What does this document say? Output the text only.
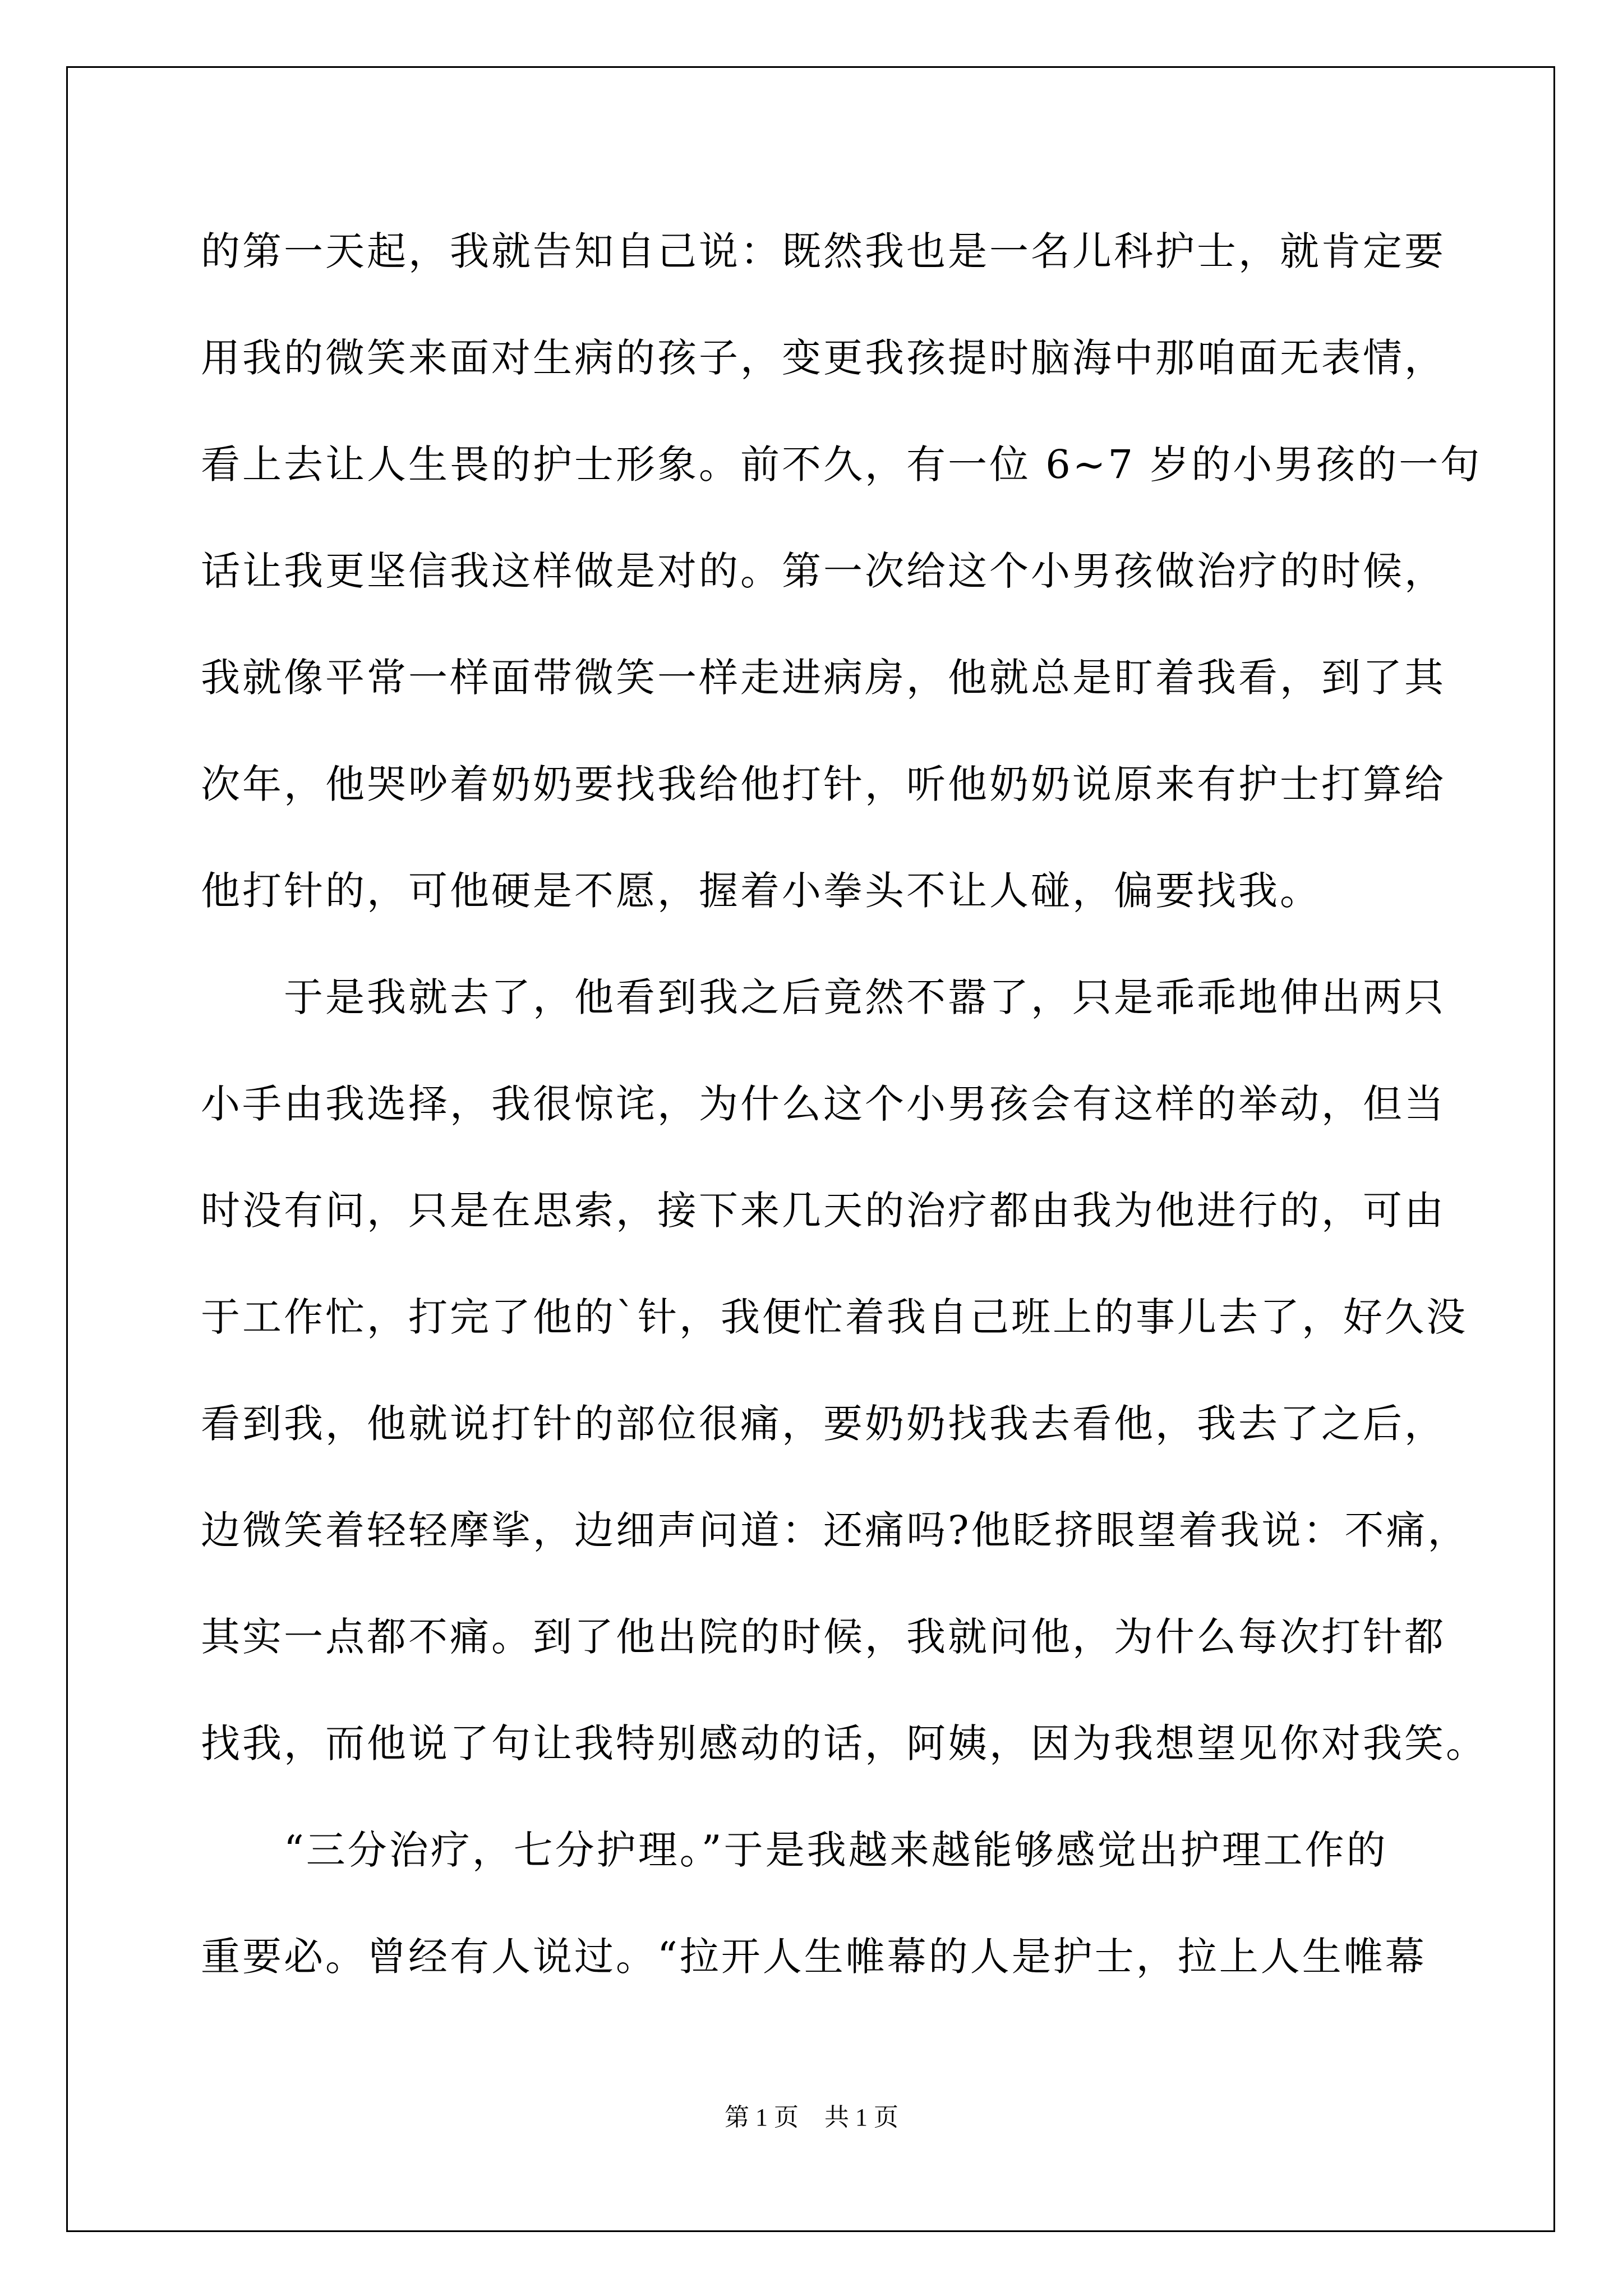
的第一天起，我就告知自己说：既然我也是一名儿科护士，就肯定要
用我的微笑来面对生病的孩子，变更我孩提时脑海中那咱面无表情，
看上去让人生畏的护士形象。前不久，有一位 6~7 岁的小男孩的一句
话让我更坚信我这样做是对的。第一次给这个小男孩做治疗的时候，
我就像平常一样面带微笑一样走进病房，他就总是盯着我看，到了其
次年，他哭吵着奶奶要找我给他打针，听他奶奶说原来有护士打算给
他打针的，可他硬是不愿，握着小拳头不让人碰，偏要找我。
　　于是我就去了，他看到我之后竟然不嚣了，只是乖乖地伸出两只
小手由我选择，我很惊诧，为什么这个小男孩会有这样的举动，但当
时没有问，只是在思索，接下来几天的治疗都由我为他进行的，可由
于工作忙，打完了他的`针，我便忙着我自己班上的事儿去了，好久没
看到我，他就说打针的部位很痛，要奶奶找我去看他，我去了之后，
边微笑着轻轻摩挲，边细声问道：还痛吗?他眨挤眼望着我说：不痛，
其实一点都不痛。到了他出院的时候，我就问他，为什么每次打针都
找我，而他说了句让我特别感动的话，阿姨，因为我想望见你对我笑。
　　“三分治疗，七分护理。”于是我越来越能够感觉出护理工作的
重要必。曾经有人说过。“拉开人生帷幕的人是护士，拉上人生帷幕
第 1 页 共 1 页
